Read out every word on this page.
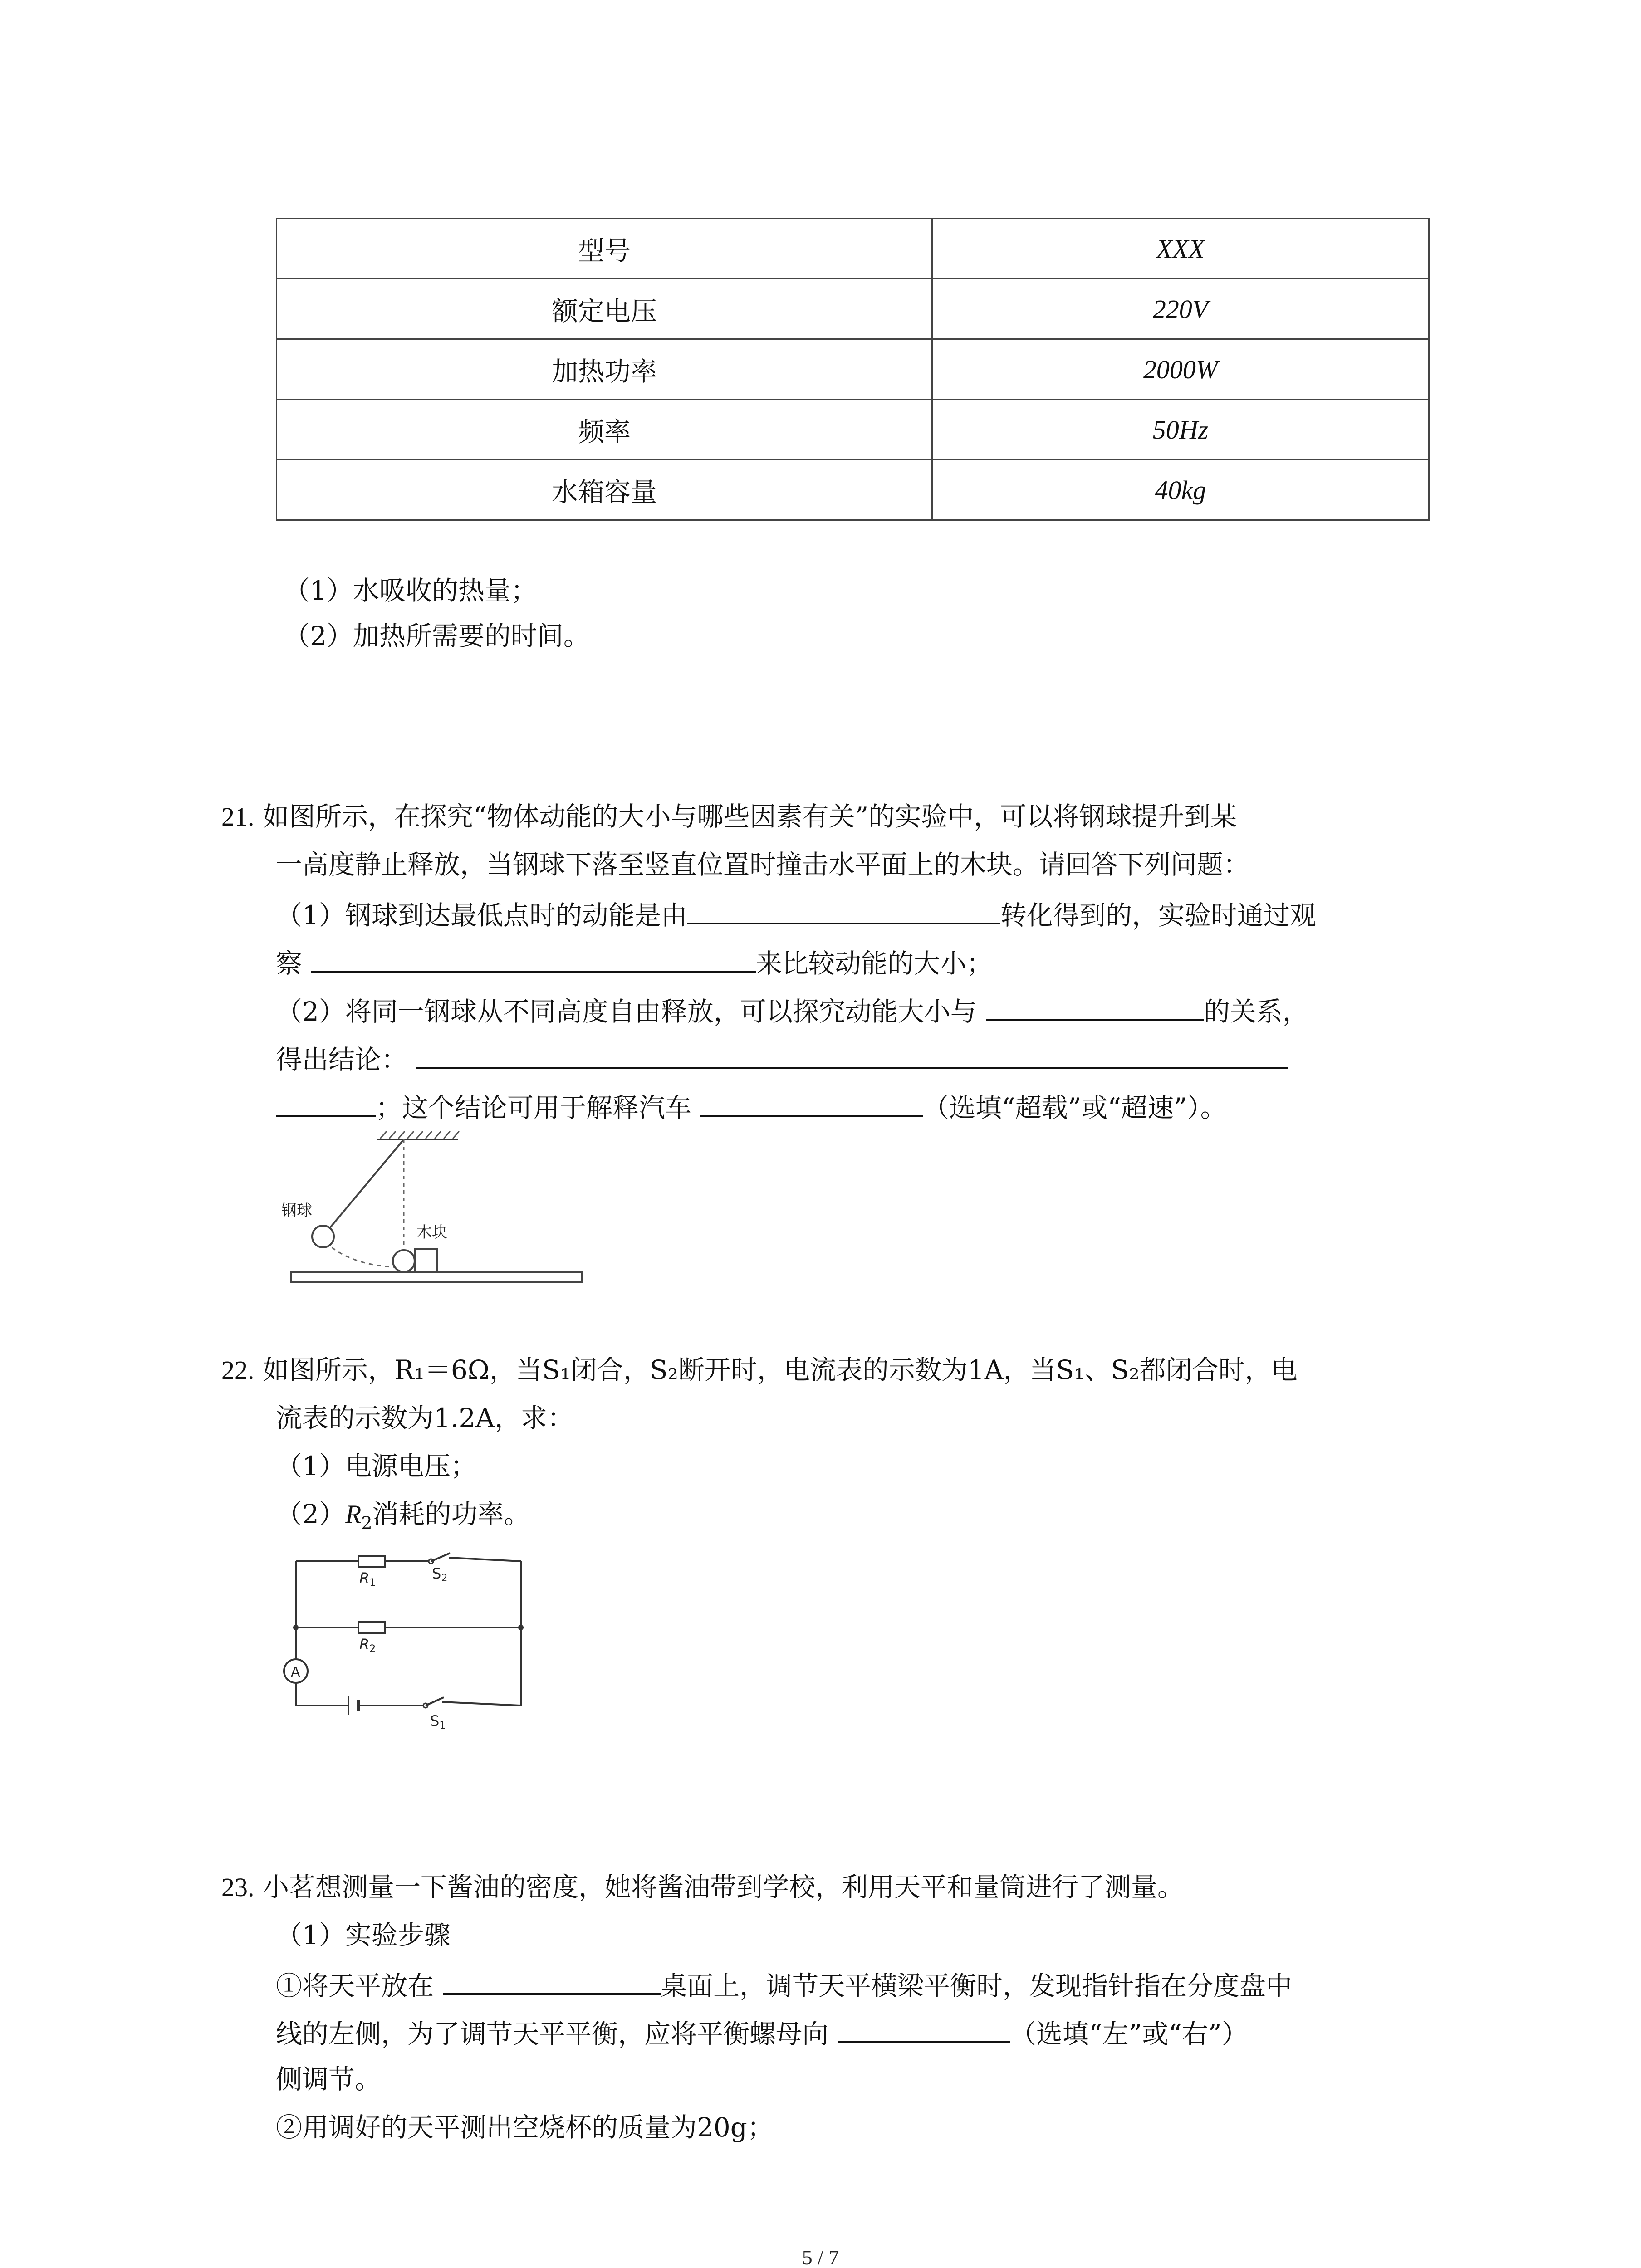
型号	XXX
额定电压	220V
加热功率	2000W
频率	50Hz
水箱容量	40kg
（1）水吸收的热量；
（2）加热所需要的时间。
21. 如图所示，在探究“物体动能的大小与哪些因素有关”的实验中，可以将钢球提升到某
一高度静止释放，当钢球下落至竖直位置时撞击水平面上的木块。请回答下列问题：
（1）钢球到达最低点时的动能是由	转化得到的，实验时通过观
察	来比较动能的大小；
（2）将同一钢球从不同高度自由释放，可以探究动能大小与	的关系，
得出结论：
；这个结论可用于解释汽车	（选填“超载”或“超速”）。
钢球
木块
22. 如图所示，R₁＝6Ω，当S₁闭合，S₂断开时，电流表的示数为1A，当S₁、S₂都闭合时，电
流表的示数为1.2A，求：
（1）电源电压；
$(2)R_2$消耗的功率。
A
R1
R2
S2
S1
23. 小茗想测量一下酱油的密度，她将酱油带到学校，利用天平和量筒进行了测量。
（1）实验步骤
①将天平放在	桌面上，调节天平横梁平衡时，发现指针指在分度盘中
线的左侧，为了调节天平平衡，应将平衡螺母向	（选填“左”或“右”）
侧调节。
②用调好的天平测出空烧杯的质量为20g；
5 / 7
